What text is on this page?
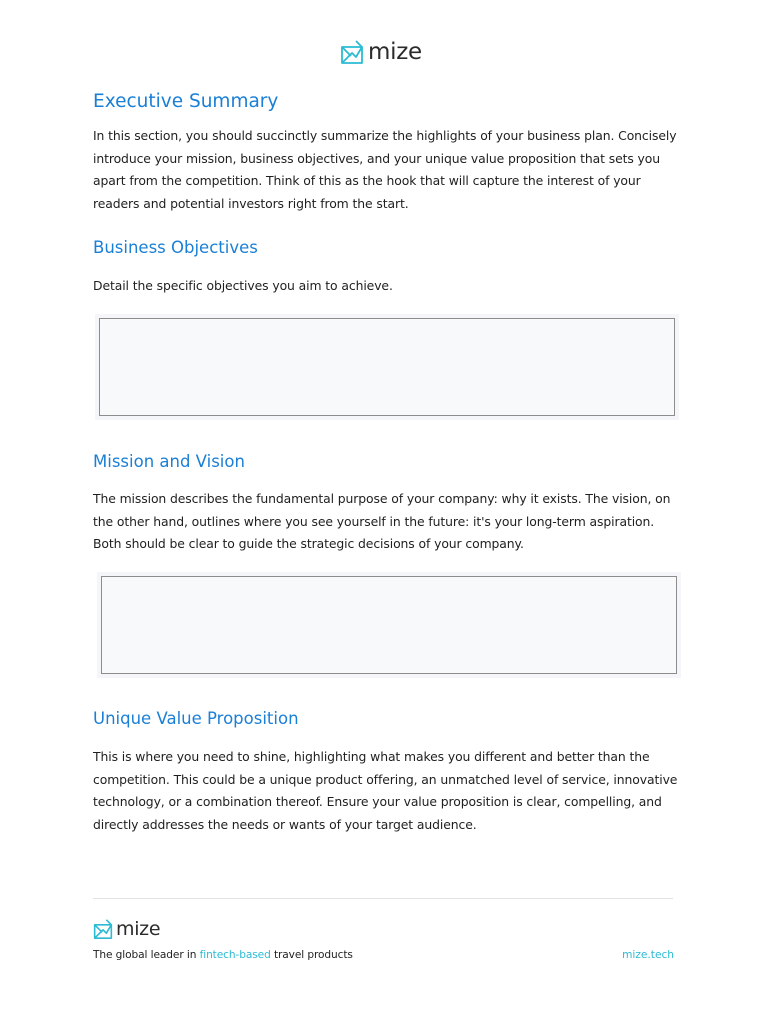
mize
Executive Summary

In this section, you should succinctly summarize the highlights of your business plan. Concisely introduce your mission, business objectives, and your unique value proposition that sets you apart from the competition. Think of this as the hook that will capture the interest of your readers and potential investors right from the start.

Business Objectives

Detail the specific objectives you aim to achieve.

Mission and Vision

The mission describes the fundamental purpose of your company: why it exists. The vision, on the other hand, outlines where you see yourself in the future: it's your long-term aspiration. Both should be clear to guide the strategic decisions of your company.

Unique Value Proposition

This is where you need to shine, highlighting what makes you different and better than the competition. This could be a unique product offering, an unmatched level of service, innovative technology, or a combination thereof. Ensure your value proposition is clear, compelling, and directly addresses the needs or wants of your target audience.

mize
The global leader in fintech-based travel products	mize.tech
